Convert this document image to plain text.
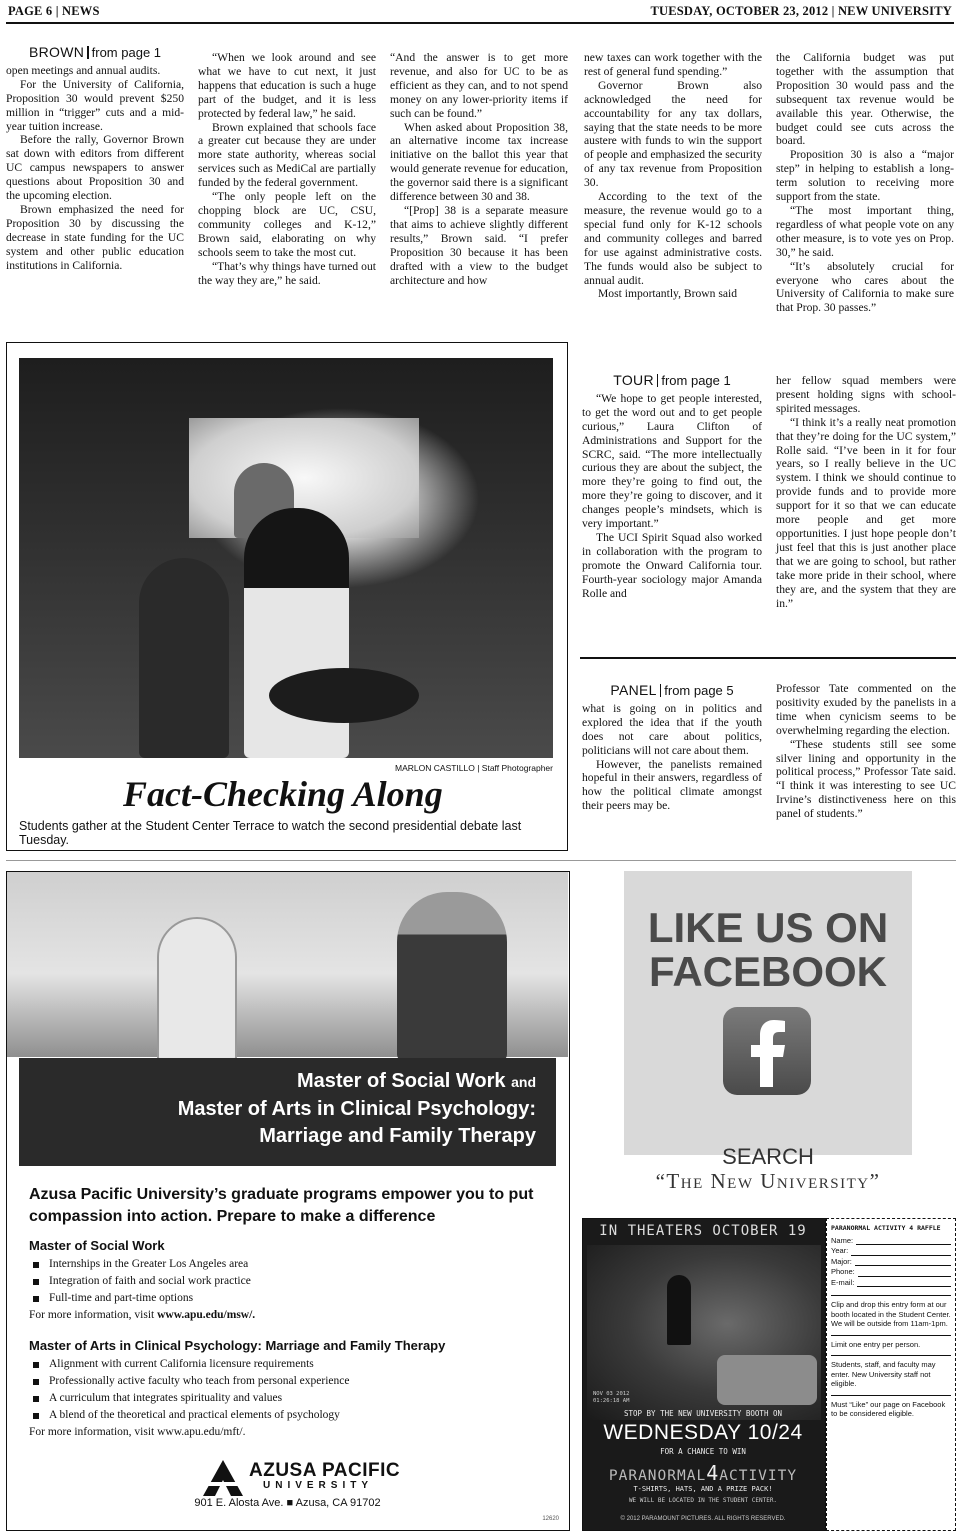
PAGE 6 | NEWS	TUESDAY, OCTOBER 23, 2012 | NEW UNIVERSITY
BROWN from page 1

open meetings and annual audits.

For the University of California, Proposition 30 would prevent $250 million in “trigger” cuts and a mid-year tuition increase.

Before the rally, Governor Brown sat down with editors from different UC campus newspapers to answer questions about Proposition 30 and the upcoming election.

Brown emphasized the need for Proposition 30 by discussing the decrease in state funding for the UC system and other public education institutions in California.

“When we look around and see what we have to cut next, it just happens that education is such a huge part of the budget, and it is less protected by federal law,” he said.

Brown explained that schools face a greater cut because they are under more state authority, whereas social services such as MediCal are partially funded by the federal government.

“The only people left on the chopping block are UC, CSU, community colleges and K-12,” Brown said, elaborating on why schools seem to take the most cut.

“That’s why things have turned out the way they are,” he said.

“And the answer is to get more revenue, and also for UC to be as efficient as they can, and to not spend money on any lower-priority items if such can be found.”

When asked about Proposition 38, an alternative income tax increase initiative on the ballot this year that would generate revenue for education, the governor said there is a significant difference between 30 and 38.

“[Prop] 38 is a separate measure that aims to achieve slightly different results,” Brown said. “I prefer Proposition 30 because it has been drafted with a view to the budget architecture and how

new taxes can work together with the rest of general fund spending.”

Governor Brown also acknowledged the need for accountability for any tax dollars, saying that the state needs to be more austere with funds to win the support of people and emphasized the security of any tax revenue from Proposition 30.

According to the text of the measure, the revenue would go to a special fund only for K-12 schools and community colleges and barred for use against administrative costs. The funds would also be subject to annual audit.

Most importantly, Brown said

the California budget was put together with the assumption that Proposition 30 would pass and the subsequent tax revenue would be available this year. Otherwise, the budget could see cuts across the board.

Proposition 30 is also a “major step” in helping to establish a long-term solution to receiving more support from the state.

“The most important thing, regardless of what people vote on any other measure, is to vote yes on Prop. 30,” he said.

“It’s absolutely crucial for everyone who cares about the University of California to make sure that Prop. 30 passes.”

MARLON CASTILLO | Staff Photographer
Fact-Checking Along
Students gather at the Student Center Terrace to watch the second presidential debate last Tuesday.
TOUR from page 1

“We hope to get people interested, to get the word out and to get people curious,” Laura Clifton of Administrations and Support for the SCRC, said. “The more intellectually curious they are about the subject, the more they’re going to find out, the more they’re going to discover, and it changes people’s mindsets, which is very important.”

The UCI Spirit Squad also worked in collaboration with the program to promote the Onward California tour. Fourth-year sociology major Amanda Rolle and

her fellow squad members were present holding signs with school-spirited messages.

“I think it’s a really neat promotion that they’re doing for the UC system,” Rolle said. “I’ve been in it for four years, so I really believe in the UC system. I think we should continue to provide funds and to provide more support for it so that we can educate more people and get more opportunities. I just hope people don’t just feel that this is just another place that we are going to school, but rather take more pride in their school, where they are, and the system that they are in.”

PANEL from page 5

what is going on in politics and explored the idea that if the youth does not care about politics, politicians will not care about them.

However, the panelists remained hopeful in their answers, regardless of how the political climate amongst their peers may be.

Professor Tate commented on the positivity exuded by the panelists in a time when cynicism seems to be overwhelming regarding the election.

“These students still see some silver lining and opportunity in the political process,” Professor Tate said. “I think it was interesting to see UC Irvine’s distinctiveness here on this panel of students.”

Master of Social Work and
Master of Arts in Clinical Psychology:
Marriage and Family Therapy
Azusa Pacific University’s graduate programs empower you to put compassion into action. Prepare to make a difference
Master of Social Work
Internships in the Greater Los Angeles area
Integration of faith and social work practice
Full-time and part-time options
For more information, visit www.apu.edu/msw/.
Master of Arts in Clinical Psychology: Marriage and Family Therapy
Alignment with current California licensure requirements
Professionally active faculty who teach from personal experience
A curriculum that integrates spirituality and values
A blend of the theoretical and practical elements of psychology
For more information, visit www.apu.edu/mft/.
AZUSA PACIFIC
UNIVERSITY
901 E. Alosta Ave. ■ Azusa, CA 91702
12620
LIKE US ON
FACEBOOK
SEARCH
“The New University”
IN THEATERS OCTOBER 19
NOV 03 2012
01:26:18 AM
STOP BY THE NEW UNIVERSITY BOOTH ON
WEDNESDAY 10/24
FOR A CHANCE TO WIN
PARANORMAL4ACTIVITY
T-SHIRTS, HATS, AND A PRIZE PACK!
WE WILL BE LOCATED IN THE STUDENT CENTER.
© 2012 PARAMOUNT PICTURES. ALL RIGHTS RESERVED.
PARANORMAL ACTIVITY 4 RAFFLE
Name:
Year:
Major:
Phone:
E-mail:
Clip and drop this entry form at our booth located in the Student Center. We will be outside from 11am-1pm.
Limit one entry per person.
Students, staff, and faculty may enter. New University staff not eligible.
Must “Like” our page on Facebook to be considered eligible.
